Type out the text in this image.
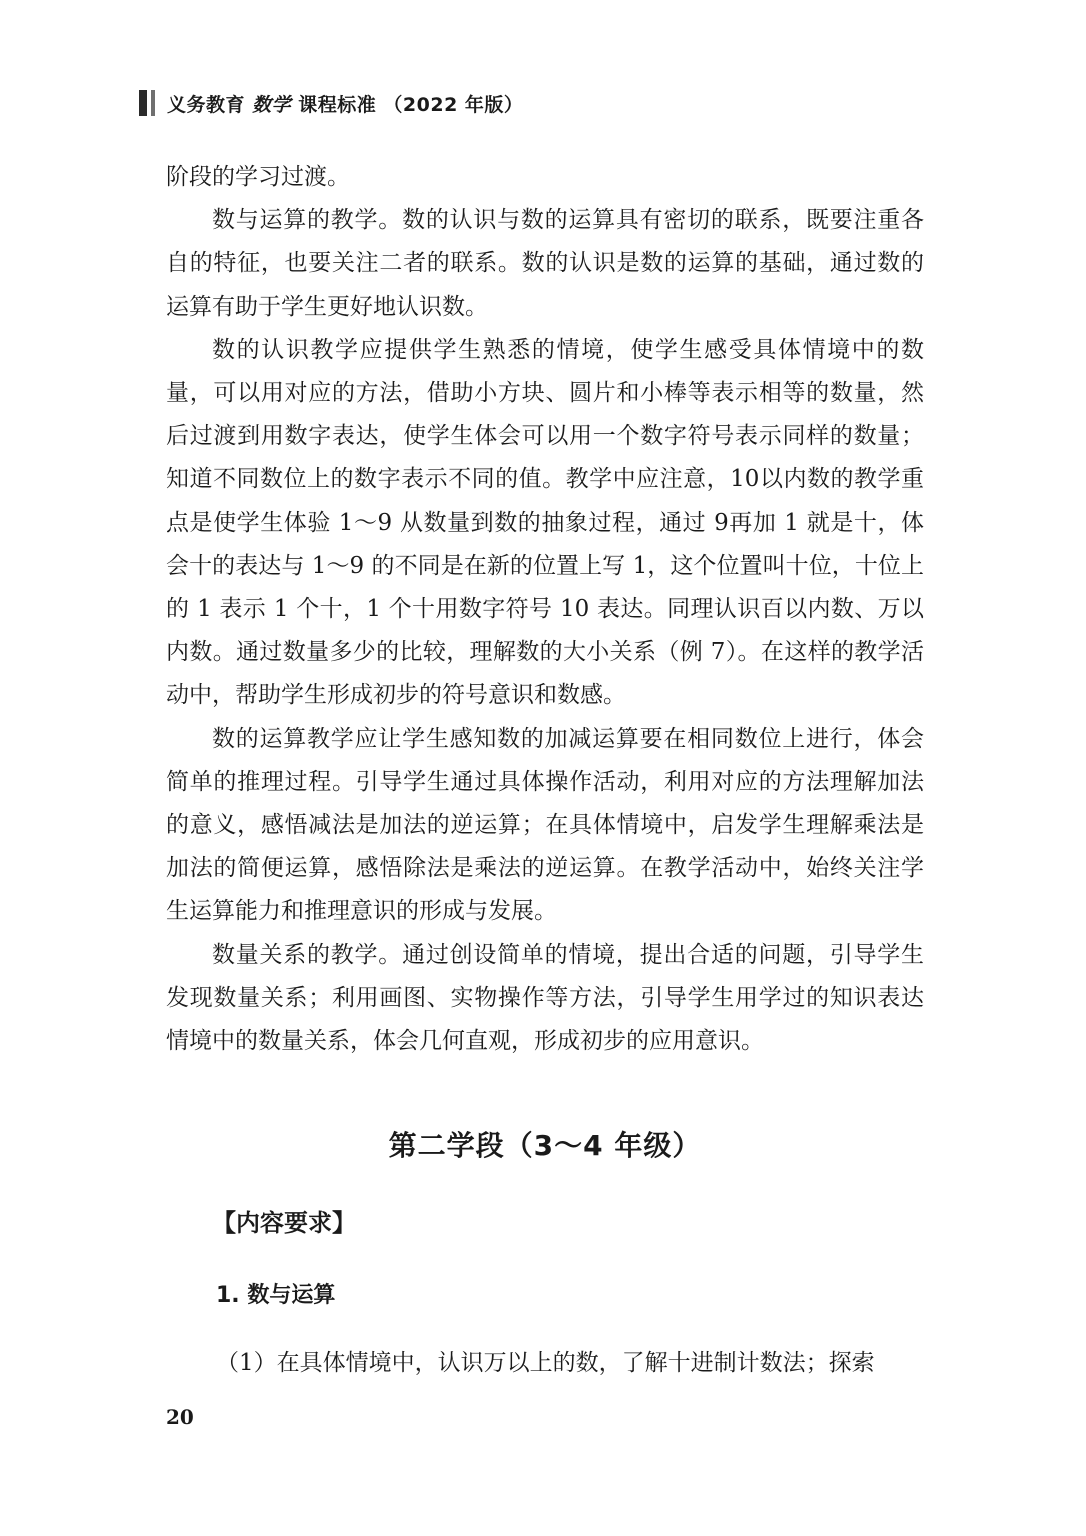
义务教育 数学 课程标准 （2022 年版）

阶段的学习过渡。

数与运算的教学。数的认识与数的运算具有密切的联系，既要注重各自的特征，也要关注二者的联系。数的认识是数的运算的基础，通过数的运算有助于学生更好地认识数。

数的认识教学应提供学生熟悉的情境，使学生感受具体情境中的数量，可以用对应的方法，借助小方块、圆片和小棒等表示相等的数量，然后过渡到用数字表达，使学生体会可以用一个数字符号表示同样的数量；知道不同数位上的数字表示不同的值。教学中应注意，10以内数的教学重点是使学生体验 1～9 从数量到数的抽象过程，通过 9再加 1 就是十，体会十的表达与 1～9 的不同是在新的位置上写 1，这个位置叫十位，十位上的 1 表示 1 个十，1 个十用数字符号 10 表达。同理认识百以内数、万以内数。通过数量多少的比较，理解数的大小关系（例 7）。在这样的教学活动中，帮助学生形成初步的符号意识和数感。

数的运算教学应让学生感知数的加减运算要在相同数位上进行，体会简单的推理过程。引导学生通过具体操作活动，利用对应的方法理解加法的意义，感悟减法是加法的逆运算；在具体情境中，启发学生理解乘法是加法的简便运算，感悟除法是乘法的逆运算。在教学活动中，始终关注学生运算能力和推理意识的形成与发展。

数量关系的教学。通过创设简单的情境，提出合适的问题，引导学生发现数量关系；利用画图、实物操作等方法，引导学生用学过的知识表达情境中的数量关系，体会几何直观，形成初步的应用意识。

第二学段（3～4 年级）
【内容要求】
1. 数与运算
（1）在具体情境中，认识万以上的数，了解十进制计数法；探索
20
